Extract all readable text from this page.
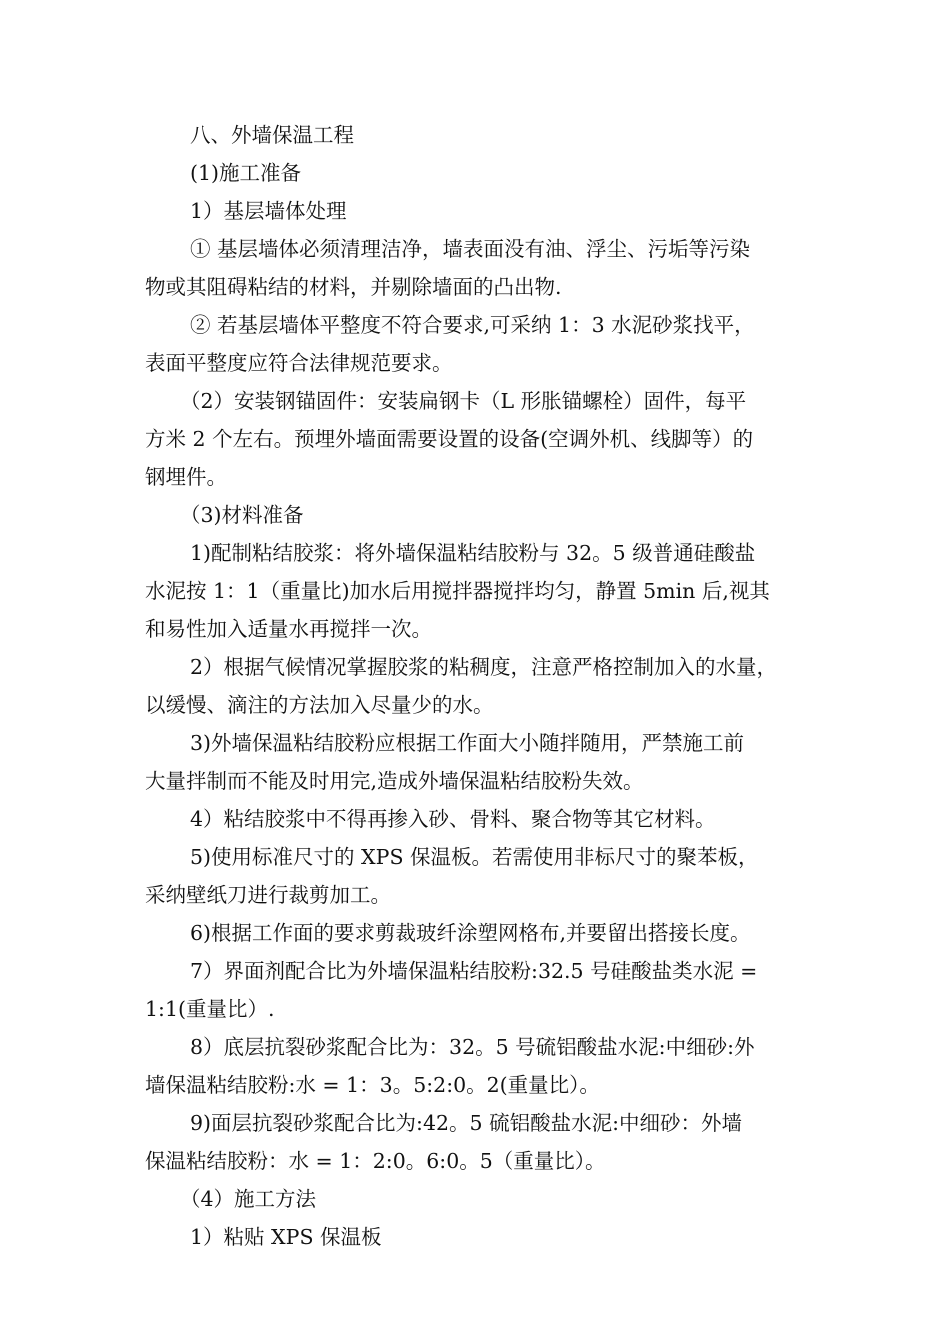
八、外墙保温工程
(1)施工准备
1）基层墙体处理
① 基层墙体必须清理洁净，墙表面没有油、浮尘、污垢等污染
物或其阻碍粘结的材料，并剔除墙面的凸出物.
② 若基层墙体平整度不符合要求,可采纳 1：3 水泥砂浆找平，
表面平整度应符合法律规范要求。
（2）安装钢锚固件：安装扁钢卡（L 形胀锚螺栓）固件，每平
方米 2 个左右。预埋外墙面需要设置的设备(空调外机、线脚等）的
钢埋件。
（3)材料准备
1)配制粘结胶浆：将外墙保温粘结胶粉与 32。5 级普通硅酸盐
水泥按 1：1（重量比)加水后用搅拌器搅拌均匀，静置 5min 后,视其
和易性加入适量水再搅拌一次。
2）根据气候情况掌握胶浆的粘稠度，注意严格控制加入的水量，
以缓慢、滴注的方法加入尽量少的水。
3)外墙保温粘结胶粉应根据工作面大小随拌随用，严禁施工前
大量拌制而不能及时用完,造成外墙保温粘结胶粉失效。
4）粘结胶浆中不得再掺入砂、骨料、聚合物等其它材料。
5)使用标准尺寸的 XPS 保温板。若需使用非标尺寸的聚苯板，
采纳壁纸刀进行裁剪加工。
6)根据工作面的要求剪裁玻纤涂塑网格布,并要留出搭接长度。
7）界面剂配合比为外墙保温粘结胶粉:32.5 号硅酸盐类水泥 =
1:1(重量比）.
8）底层抗裂砂浆配合比为：32。5 号硫铝酸盐水泥:中细砂:外
墙保温粘结胶粉:水 = 1：3。5:2:0。2(重量比）。
9)面层抗裂砂浆配合比为:42。5 硫铝酸盐水泥:中细砂：外墙
保温粘结胶粉：水 = 1：2:0。6:0。5（重量比）。
（4）施工方法
1）粘贴 XPS 保温板
